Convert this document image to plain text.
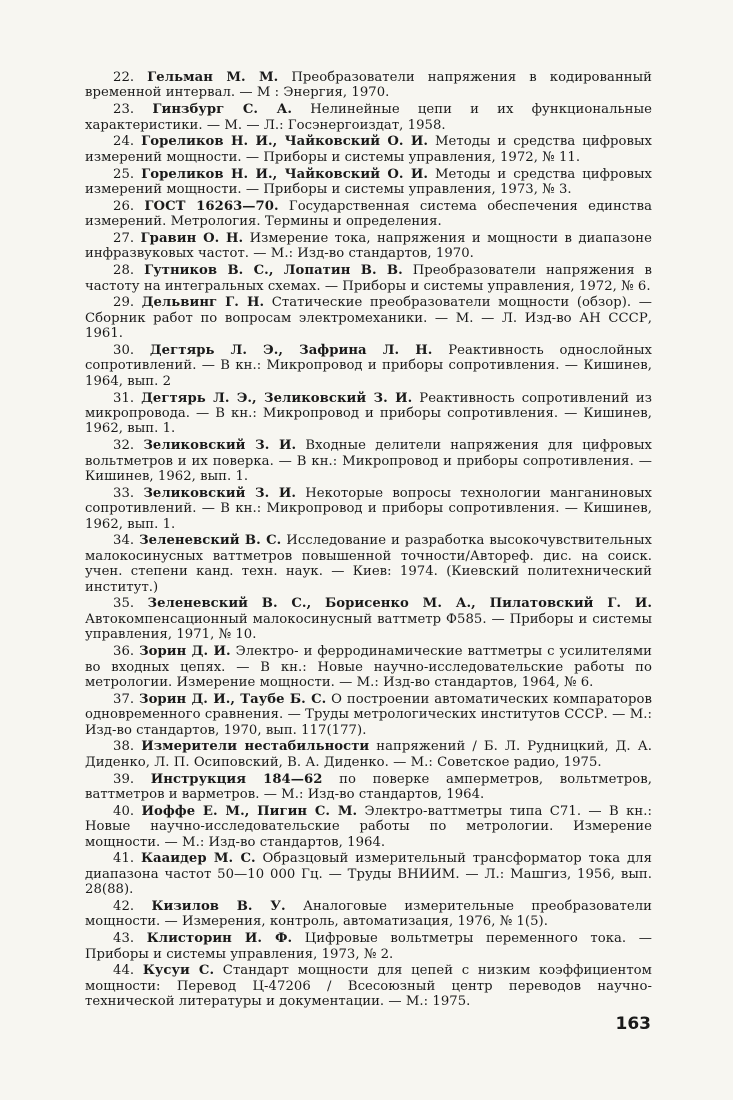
22. Гельман М. М. Преобразователи напряжения в кодированный временной интервал. — М : Энергия, 1970.

23. Гинзбург С. А. Нелинейные цепи и их функциональные характеристики. — М. — Л.: Госэнергоиздат, 1958.

24. Гореликов Н. И., Чайковский О. И. Методы и средства цифровых измерений мощности. — Приборы и системы управления, 1972, № 11.

25. Гореликов Н. И., Чайковский О. И. Методы и средства цифровых измерений мощности. — Приборы и системы управления, 1973, № 3.

26. ГОСТ 16263—70. Государственная система обеспечения единства измерений. Метрология. Термины и определения.

27. Гравин О. Н. Измерение тока, напряжения и мощности в диапазоне инфразвуковых частот. — М.: Изд-во стандартов, 1970.

28. Гутников В. С., Лопатин В. В. Преобразователи напряжения в частоту на интегральных схемах. — Приборы и системы управления, 1972, № 6.

29. Дельвинг Г. Н. Статические преобразователи мощности (обзор). — Сборник работ по вопросам электромеханики. — М. — Л. Изд-во АН СССР, 1961.

30. Дегтярь Л. Э., Зафрина Л. Н. Реактивность однослойных сопротивлений. — В кн.: Микропровод и приборы сопротивления. — Кишинев, 1964, вып. 2

31. Дегтярь Л. Э., Зеликовский З. И. Реактивность сопротивлений из микропровода. — В кн.: Микропровод и приборы сопротивления. — Кишинев, 1962, вып. 1.

32. Зеликовский З. И. Входные делители напряжения для цифровых вольтметров и их поверка. — В кн.: Микропровод и приборы сопротивления. — Кишинев, 1962, вып. 1.

33. Зеликовский З. И. Некоторые вопросы технологии манганиновых сопротивлений. — В кн.: Микропровод и приборы сопротивления. — Кишинев, 1962, вып. 1.

34. Зеленевский В. С. Исследование и разработка высокочувствительных малокосинусных ваттметров повышенной точности/Автореф. дис. на соиск. учен. степени канд. техн. наук. — Киев: 1974. (Киевский политехнический институт.)

35. Зеленевский В. С., Борисенко М. А., Пилатовский Г. И. Автокомпенсационный малокосинусный ваттметр Ф585. — Приборы и системы управления, 1971, № 10.

36. Зорин Д. И. Электро- и ферродинамические ваттметры с усилителями во входных цепях. — В кн.: Новые научно-исследовательские работы по метрологии. Измерение мощности. — М.: Изд-во стандартов, 1964, № 6.

37. Зорин Д. И., Таубе Б. С. О построении автоматических компараторов одновременного сравнения. — Труды метрологических институтов СССР. — М.: Изд-во стандартов, 1970, вып. 117(177).

38. Измерители нестабильности напряжений / Б. Л. Рудницкий, Д. А. Диденко, Л. П. Осиповский, В. А. Диденко. — М.: Советское радио, 1975.

39. Инструкция 184—62 по поверке амперметров, вольтметров, ваттметров и варметров. — М.: Изд-во стандартов, 1964.

40. Иоффе Е. М., Пигин С. М. Электро-ваттметры типа С71. — В кн.: Новые научно-исследовательские работы по метрологии. Измерение мощности. — М.: Изд-во стандартов, 1964.

41. Кааидер М. С. Образцовый измерительный трансформатор тока для диапазона частот 50—10 000 Гц. — Труды ВНИИМ. — Л.: Машгиз, 1956, вып. 28(88).

42. Кизилов В. У. Аналоговые измерительные преобразователи мощности. — Измерения, контроль, автоматизация, 1976, № 1(5).

43. Клисторин И. Ф. Цифровые вольтметры переменного тока. — Приборы и системы управления, 1973, № 2.

44. Кусуи С. Стандарт мощности для цепей с низким коэффициентом мощности: Перевод Ц-47206 / Всесоюзный центр переводов научно-технической литературы и документации. — М.: 1975.

163
